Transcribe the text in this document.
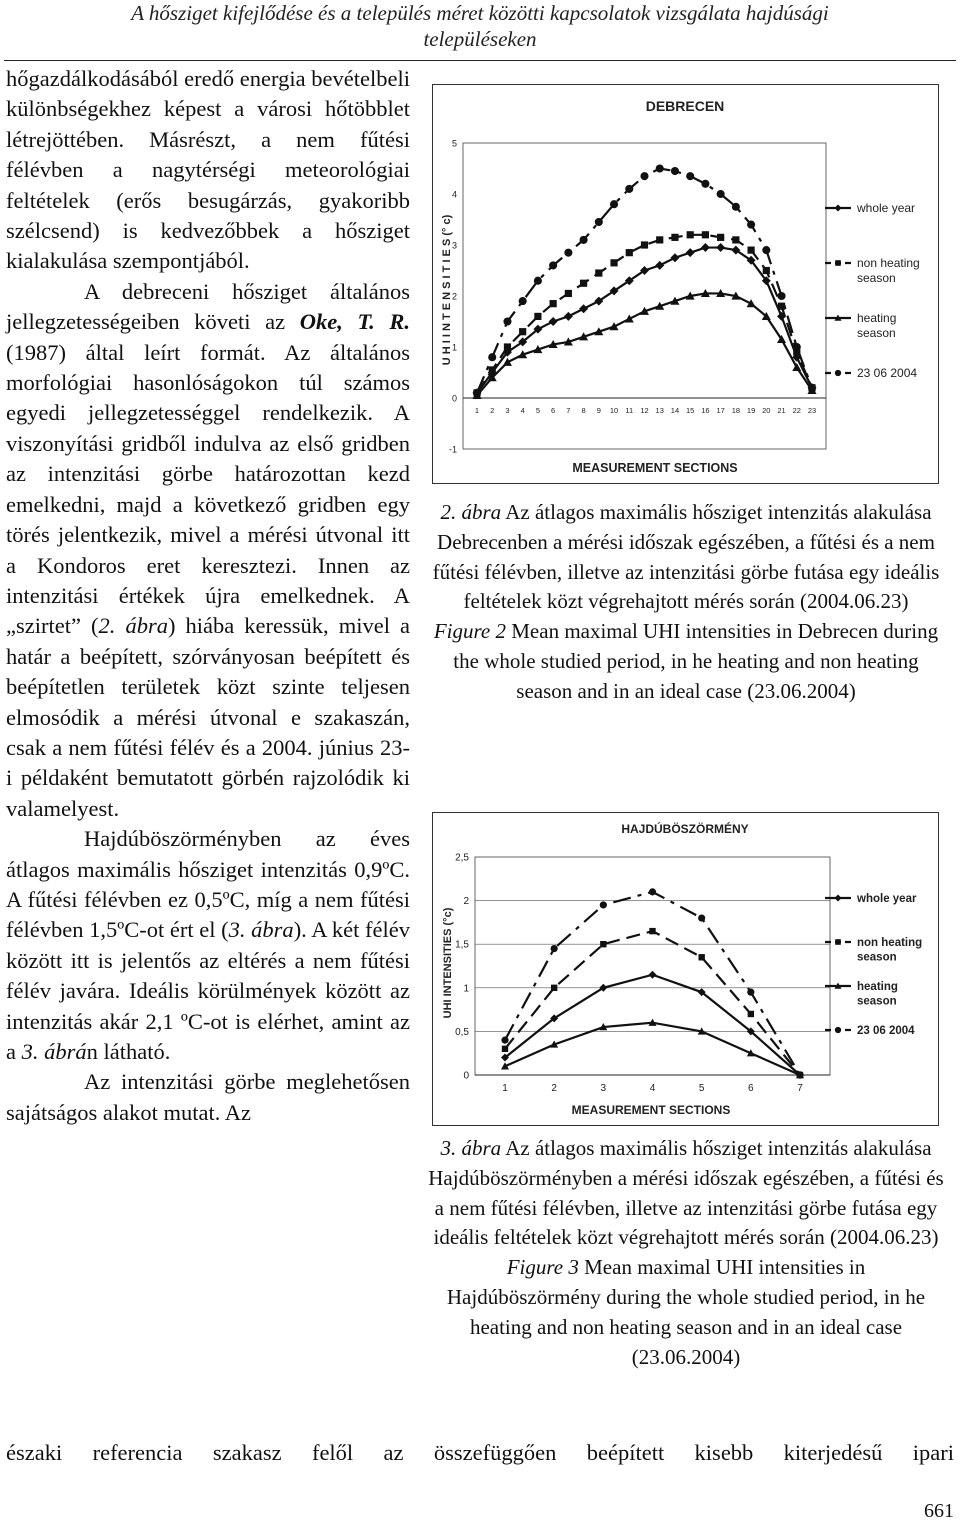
A hősziget kifejlődése és a település méret közötti kapcsolatok vizsgálata hajdúsági
településeken

hőgazdálkodásából eredő energia bevételbeli különbségekhez képest a városi hőtöbblet létrejöttében. Másrészt, a nem fűtési félévben a nagytérségi meteorológiai feltételek (erős besugárzás, gyakoribb szélcsend) is kedvezőbbek a hősziget kialakulása szempontjából.

A debreceni hősziget általános jellegzetességeiben követi az Oke, T. R. (1987) által leírt formát. Az általános morfológiai hasonlóságokon túl számos egyedi jellegzetességgel rendelkezik. A viszonyítási gridből indulva az első gridben az intenzitási görbe határozottan kezd emelkedni, majd a következő gridben egy törés jelentkezik, mivel a mérési útvonal itt a Kondoros eret keresztezi. Innen az intenzitási értékek újra emelkednek. A „szirtet” (2. ábra) hiába keressük, mivel a határ a beépített, szórványosan beépített és beépítetlen területek közt szinte teljesen elmosódik a mérési útvonal e szakaszán, csak a nem fűtési félév és a 2004. június 23-i példaként bemutatott görbén rajzolódik ki valamelyest.

Hajdúböszörményben az éves átlagos maximális hősziget intenzitás 0,9ºC. A fűtési félévben ez 0,5ºC, míg a nem fűtési félévben 1,5ºC-ot ért el (3. ábra). A két félév között itt is jelentős az eltérés a nem fűtési félév javára. Ideális körülmények között az intenzitás akár 2,1 ºC-ot is elérhet, amint az a 3. ábrán látható.

Az intenzitási görbe meglehetősen sajátságos alakot mutat. Az

északi referencia szakasz felől az összefüggően beépített kisebb kiterjedésű ipari
661
DEBRECEN
-1
0
1
2
3
4
5
1 2 3 4 5 6 7 8 9 10 11 12 13 14 15 16 17 18 19 20 21 22 23
MEASUREMENT SECTIONS
U H I I N T E N S I T I E S (° c)
whole year
non heating season
heating season
23 06 2004

2. ábra Az átlagos maximális hősziget intenzitás alakulása Debrecenben a mérési időszak egészében, a fűtési és a nem fűtési félévben, illetve az intenzitási görbe futása egy ideális feltételek közt végrehajtott mérés során (2004.06.23)

Figure 2 Mean maximal UHI intensities in Debrecen during the whole studied period, in he heating and non heating season and in an ideal case (23.06.2004)

HAJDÚBÖSZÖRMÉNY
0
0,5
1
1,5
2
2,5
1	2	3	4	5	6	7
MEASUREMENT SECTIONS
UHI INTENSITIES (°c)
whole year
non heating season
heating season
23 06 2004

3. ábra Az átlagos maximális hősziget intenzitás alakulása Hajdúböszörményben a mérési időszak egészében, a fűtési és a nem fűtési félévben, illetve az intenzitási görbe futása egy ideális feltételek közt végrehajtott mérés során (2004.06.23)

Figure 3 Mean maximal UHI intensities in Hajdúböszörmény during the whole studied period, in he heating and non heating season and in an ideal case (23.06.2004)
